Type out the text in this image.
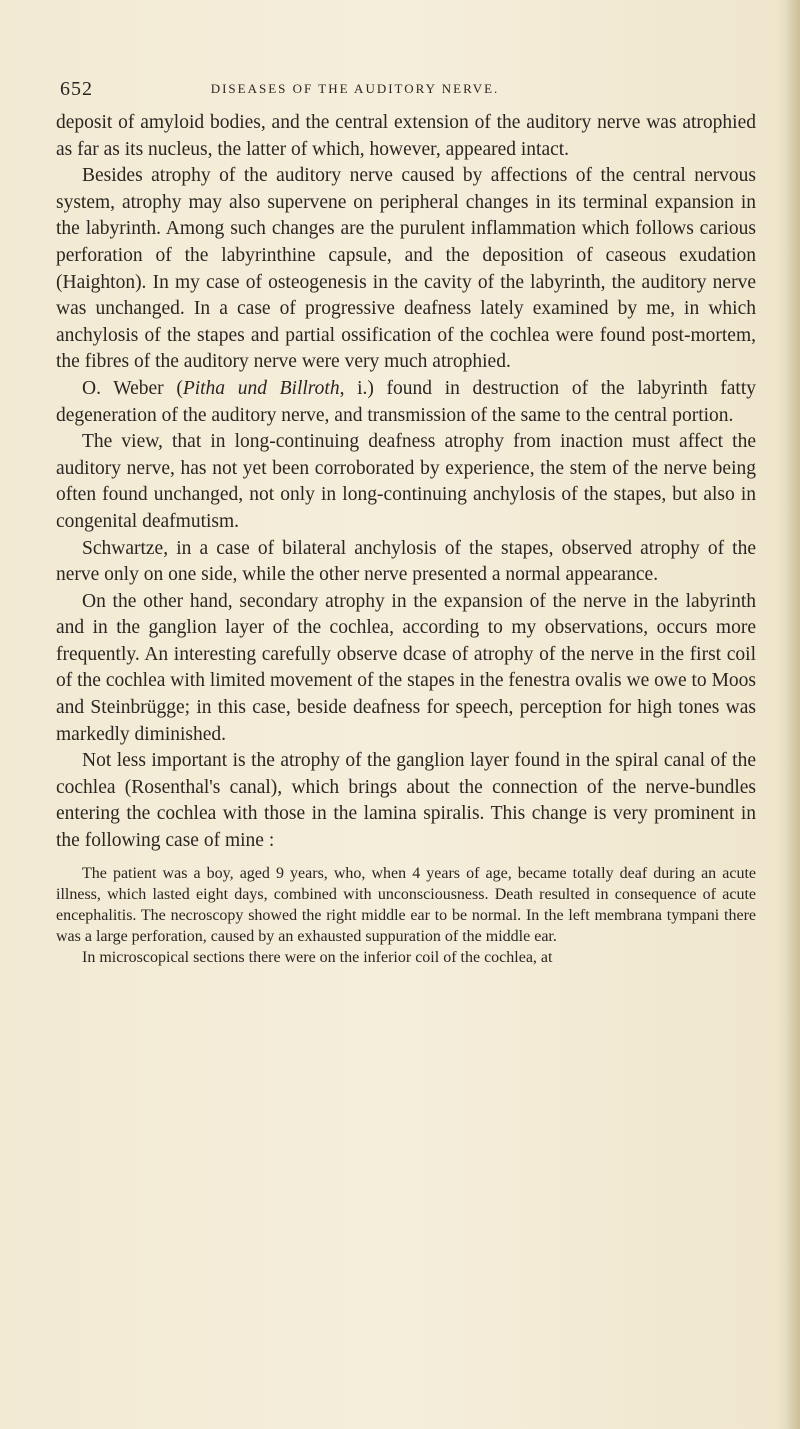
652	DISEASES OF THE AUDITORY NERVE.

deposit of amyloid bodies, and the central extension of the auditory nerve was atrophied as far as its nucleus, the latter of which, however, appeared intact.

Besides atrophy of the auditory nerve caused by affections of the central nervous system, atrophy may also supervene on peripheral changes in its terminal expansion in the labyrinth. Among such changes are the purulent inflammation which follows carious perforation of the labyrinthine capsule, and the deposition of caseous exudation (Haighton). In my case of osteogenesis in the cavity of the labyrinth, the auditory nerve was unchanged. In a case of progressive deafness lately examined by me, in which anchylosis of the stapes and partial ossification of the cochlea were found post-mortem, the fibres of the auditory nerve were very much atrophied.

O. Weber (Pitha und Billroth, i.) found in destruction of the labyrinth fatty degeneration of the auditory nerve, and transmission of the same to the central portion.

The view, that in long-continuing deafness atrophy from inaction must affect the auditory nerve, has not yet been corroborated by experience, the stem of the nerve being often found unchanged, not only in long-continuing anchylosis of the stapes, but also in congenital deafmutism.

Schwartze, in a case of bilateral anchylosis of the stapes, observed atrophy of the nerve only on one side, while the other nerve presented a normal appearance.

On the other hand, secondary atrophy in the expansion of the nerve in the labyrinth and in the ganglion layer of the cochlea, according to my observations, occurs more frequently. An interesting carefully observe dcase of atrophy of the nerve in the first coil of the cochlea with limited movement of the stapes in the fenestra ovalis we owe to Moos and Steinbrügge; in this case, beside deafness for speech, perception for high tones was markedly diminished.

Not less important is the atrophy of the ganglion layer found in the spiral canal of the cochlea (Rosenthal's canal), which brings about the connection of the nerve-bundles entering the cochlea with those in the lamina spiralis. This change is very prominent in the following case of mine :

The patient was a boy, aged 9 years, who, when 4 years of age, became totally deaf during an acute illness, which lasted eight days, combined with unconsciousness. Death resulted in consequence of acute encephalitis. The necroscopy showed the right middle ear to be normal. In the left membrana tympani there was a large perforation, caused by an exhausted suppuration of the middle ear.

In microscopical sections there were on the inferior coil of the cochlea, at
